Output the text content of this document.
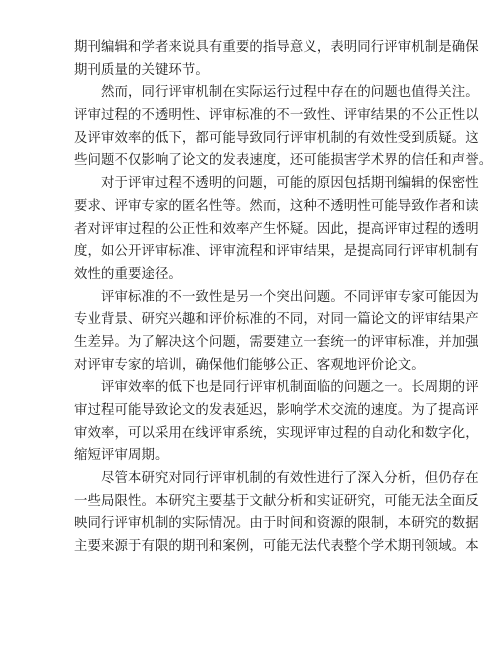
期刊编辑和学者来说具有重要的指导意义，表明同行评审机制是确保
期刊质量的关键环节。
然而，同行评审机制在实际运行过程中存在的问题也值得关注。
评审过程的不透明性、评审标准的不一致性、评审结果的不公正性以
及评审效率的低下，都可能导致同行评审机制的有效性受到质疑。这
些问题不仅影响了论文的发表速度，还可能损害学术界的信任和声誉。
对于评审过程不透明的问题，可能的原因包括期刊编辑的保密性
要求、评审专家的匿名性等。然而，这种不透明性可能导致作者和读
者对评审过程的公正性和效率产生怀疑。因此，提高评审过程的透明
度，如公开评审标准、评审流程和评审结果，是提高同行评审机制有
效性的重要途径。
评审标准的不一致性是另一个突出问题。不同评审专家可能因为
专业背景、研究兴趣和评价标准的不同，对同一篇论文的评审结果产
生差异。为了解决这个问题，需要建立一套统一的评审标准，并加强
对评审专家的培训，确保他们能够公正、客观地评价论文。
评审效率的低下也是同行评审机制面临的问题之一。长周期的评
审过程可能导致论文的发表延迟，影响学术交流的速度。为了提高评
审效率，可以采用在线评审系统，实现评审过程的自动化和数字化，
缩短评审周期。
尽管本研究对同行评审机制的有效性进行了深入分析，但仍存在
一些局限性。本研究主要基于文献分析和实证研究，可能无法全面反
映同行评审机制的实际情况。由于时间和资源的限制，本研究的数据
主要来源于有限的期刊和案例，可能无法代表整个学术期刊领域。本
